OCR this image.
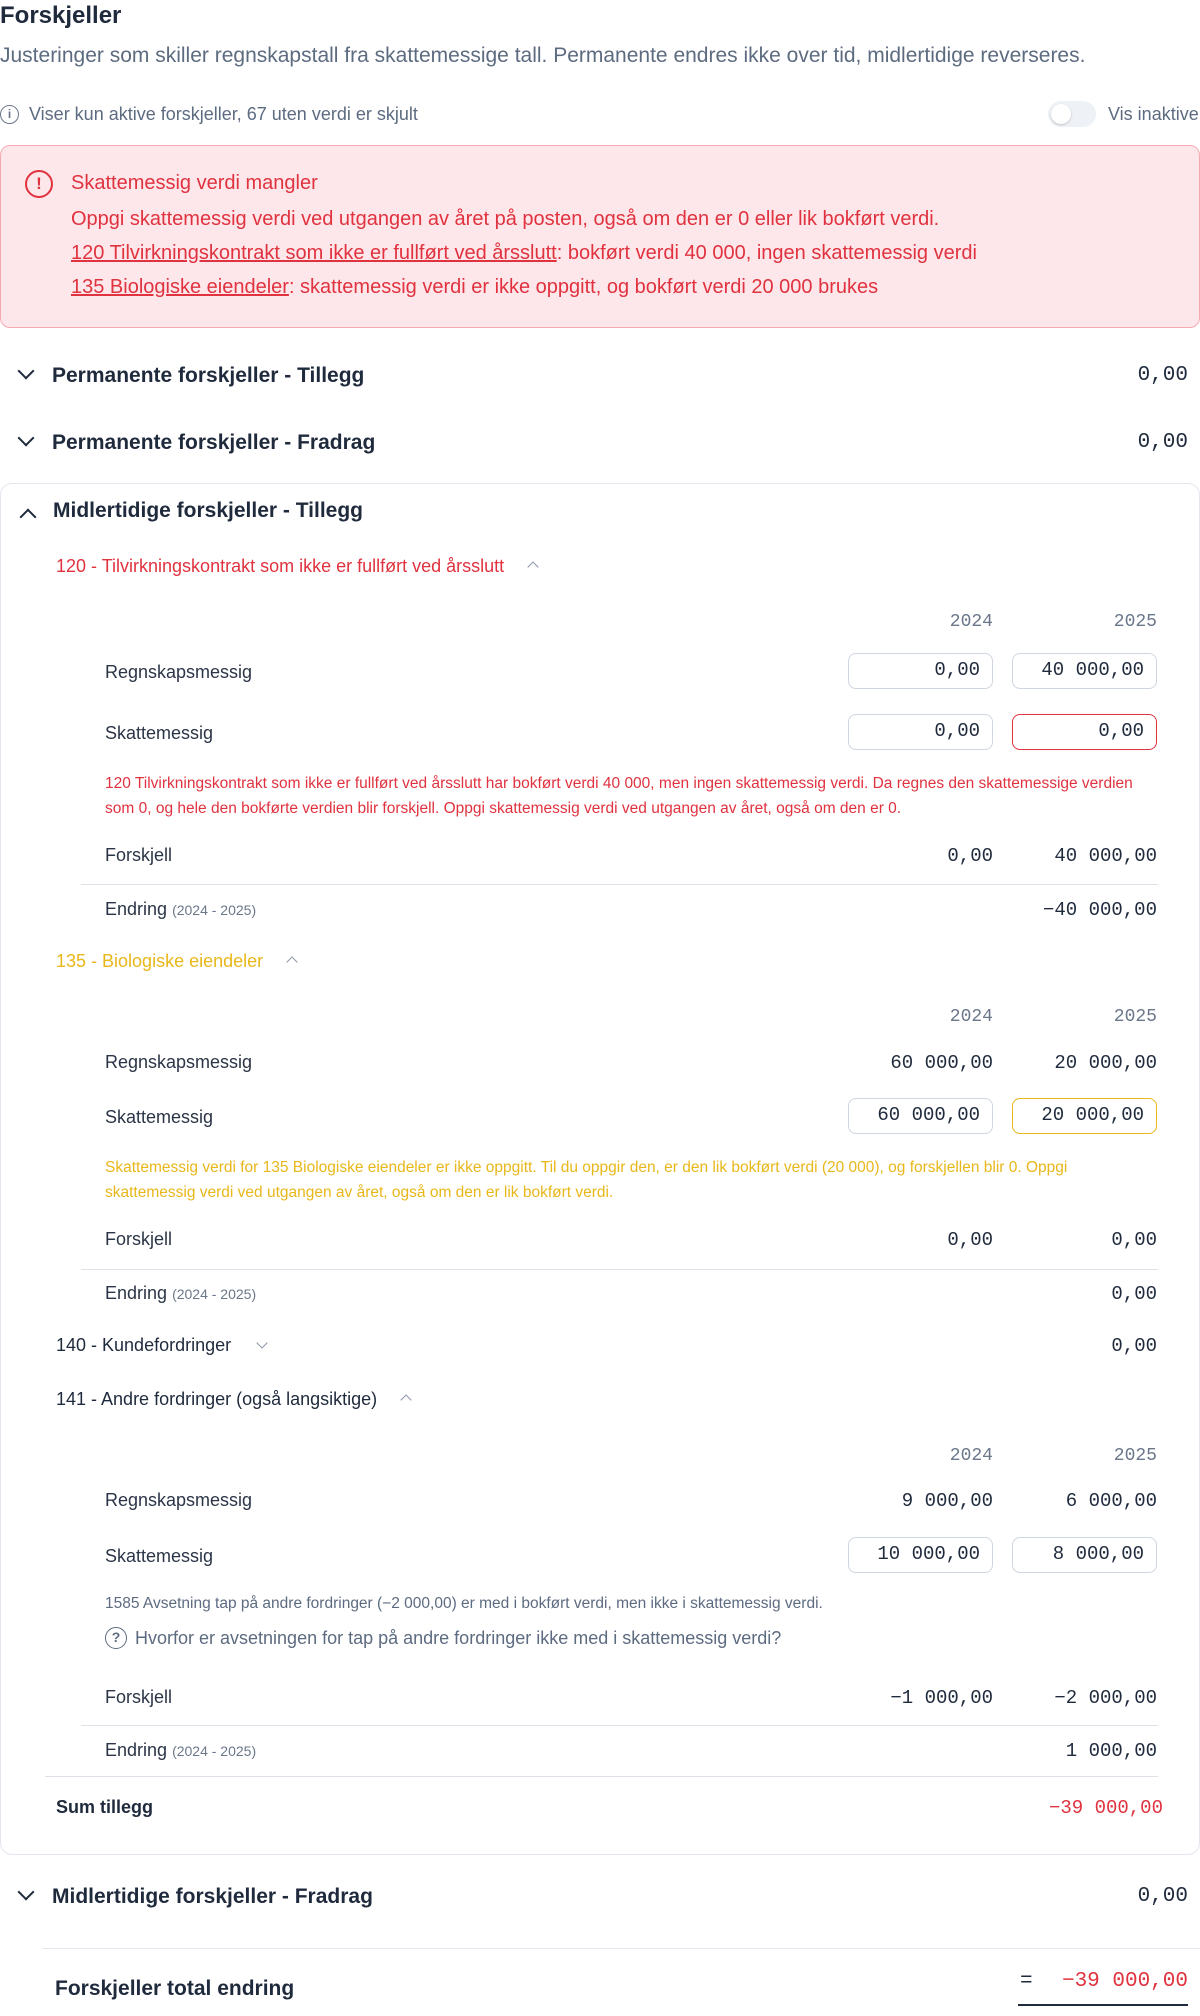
Forskjeller
Justeringer som skiller regnskapstall fra skattemessige tall. Permanente endres ikke over tid, midlertidige reverseres.
i Viser kun aktive forskjeller, 67 uten verdi er skjult	Vis inaktive
!	Skattemessig verdi mangler
Oppgi skattemessig verdi ved utgangen av året på posten, også om den er 0 eller lik bokført verdi.
120 Tilvirkningskontrakt som ikke er fullført ved årsslutt: bokført verdi 40 000, ingen skattemessig verdi
135 Biologiske eiendeler: skattemessig verdi er ikke oppgitt, og bokført verdi 20 000 brukes
Permanente forskjeller - Tillegg	0,00
Permanente forskjeller - Fradrag	0,00
Midlertidige forskjeller - Tillegg
120 - Tilvirkningskontrakt som ikke er fullført ved årsslutt
2024	2025
Regnskapsmessig	0,00	40 000,00
Skattemessig	0,00	0,00
120 Tilvirkningskontrakt som ikke er fullført ved årsslutt har bokført verdi 40 000, men ingen skattemessig verdi. Da regnes den skattemessige verdien som 0, og hele den bokførte verdien blir forskjell. Oppgi skattemessig verdi ved utgangen av året, også om den er 0.
Forskjell	0,00	40 000,00
Endring (2024 - 2025)	−40 000,00
135 - Biologiske eiendeler
2024	2025
Regnskapsmessig	60 000,00	20 000,00
Skattemessig	60 000,00	20 000,00
Skattemessig verdi for 135 Biologiske eiendeler er ikke oppgitt. Til du oppgir den, er den lik bokført verdi (20 000), og forskjellen blir 0. Oppgi skattemessig verdi ved utgangen av året, også om den er lik bokført verdi.
Forskjell	0,00	0,00
Endring (2024 - 2025)	0,00
140 - Kundefordringer	0,00
141 - Andre fordringer (også langsiktige)
2024	2025
Regnskapsmessig	9 000,00	6 000,00
Skattemessig	10 000,00	8 000,00
1585 Avsetning tap på andre fordringer (−2 000,00) er med i bokført verdi, men ikke i skattemessig verdi.
? Hvorfor er avsetningen for tap på andre fordringer ikke med i skattemessig verdi?
Forskjell	−1 000,00	−2 000,00
Endring (2024 - 2025)	1 000,00
Sum tillegg	−39 000,00
Midlertidige forskjeller - Fradrag	0,00
Forskjeller total endring	= −39 000,00
